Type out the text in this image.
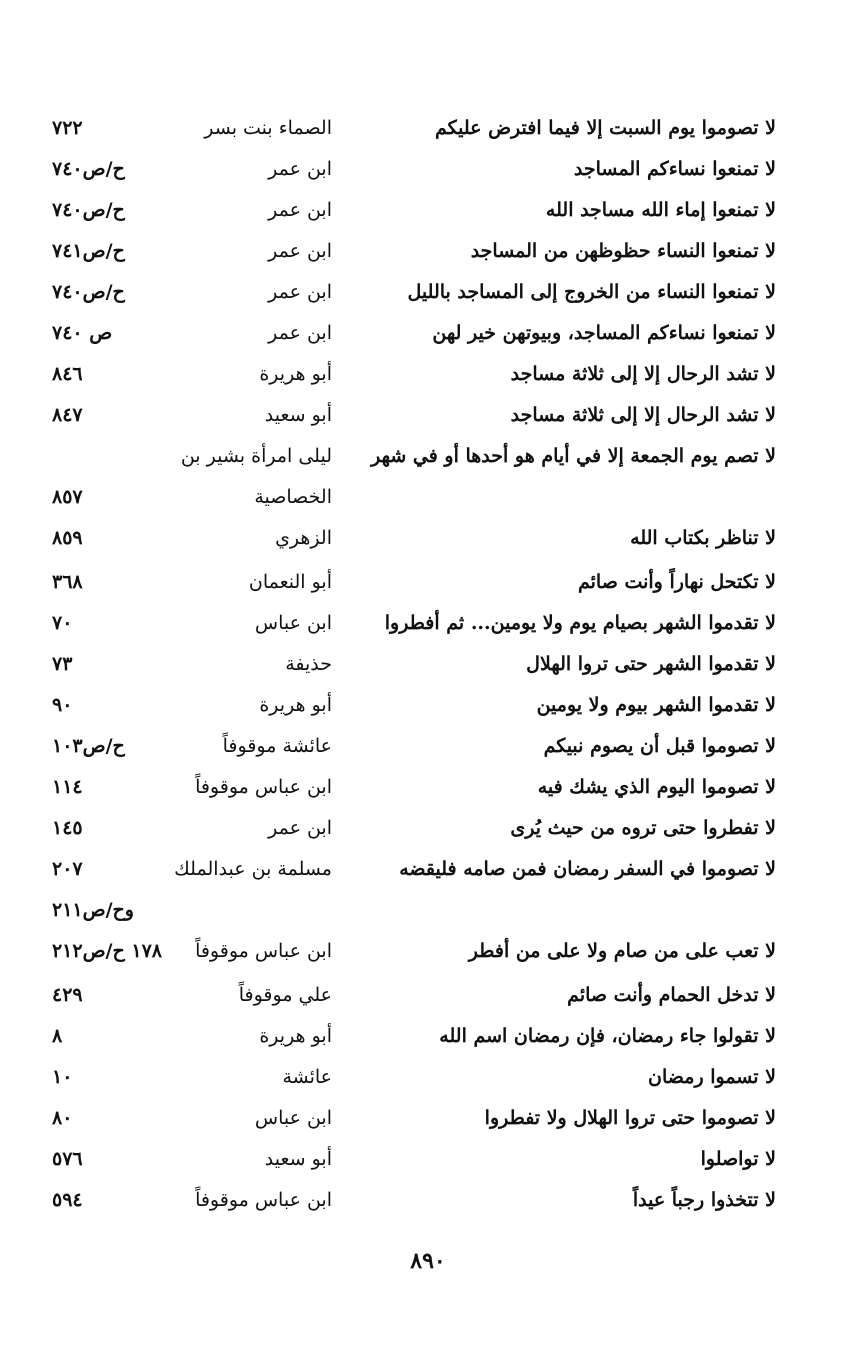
لا تصوموا يوم السبت إلا فيما افترض عليكم
الصماء بنت بسر
٧٢٢
لا تمنعوا نساءكم المساجد
ابن عمر
ح/ص٧٤٠
لا تمنعوا إماء الله مساجد الله
ابن عمر
ح/ص٧٤٠
لا تمنعوا النساء حظوظهن من المساجد
ابن عمر
ح/ص٧٤١
لا تمنعوا النساء من الخروج إلى المساجد بالليل
ابن عمر
ح/ص٧٤٠
لا تمنعوا نساءكم المساجد، وبيوتهن خير لهن
ابن عمر
ص ٧٤٠
لا تشد الرحال إلا إلى ثلاثة مساجد
أبو هريرة
٨٤٦
لا تشد الرحال إلا إلى ثلاثة مساجد
أبو سعيد
٨٤٧
لا تصم يوم الجمعة إلا في أيام هو أحدها أو في شهر
ليلى امرأة بشير بن
الخصاصية
٨٥٧
لا تناظر بكتاب الله
الزهري
٨٥٩
لا تكتحل نهاراً وأنت صائم
أبو النعمان
٣٦٨
لا تقدموا الشهر بصيام يوم ولا يومين... ثم أفطروا
ابن عباس
٧٠
لا تقدموا الشهر حتى تروا الهلال
حذيفة
٧٣
لا تقدموا الشهر بيوم ولا يومين
أبو هريرة
٩٠
لا تصوموا قبل أن يصوم نبيكم
عائشة موقوفاً
ح/ص١٠٣
لا تصوموا اليوم الذي يشك فيه
ابن عباس موقوفاً
١١٤
لا تفطروا حتى تروه من حيث يُرى
ابن عمر
١٤٥
لا تصوموا في السفر رمضان فمن صامه فليقضه
مسلمة بن عبدالملك
٢٠٧
وح/ص٢١١
لا تعب على من صام ولا على من أفطر
ابن عباس موقوفاً
١٧٨ ح/ص٢١٢
لا تدخل الحمام وأنت صائم
علي موقوفاً
٤٢٩
لا تقولوا جاء رمضان، فإن رمضان اسم الله
أبو هريرة
٨
لا تسموا رمضان
عائشة
١٠
لا تصوموا حتى تروا الهلال ولا تفطروا
ابن عباس
٨٠
لا تواصلوا
أبو سعيد
٥٧٦
لا تتخذوا رجباً عيداً
ابن عباس موقوفاً
٥٩٤
٨٩٠
